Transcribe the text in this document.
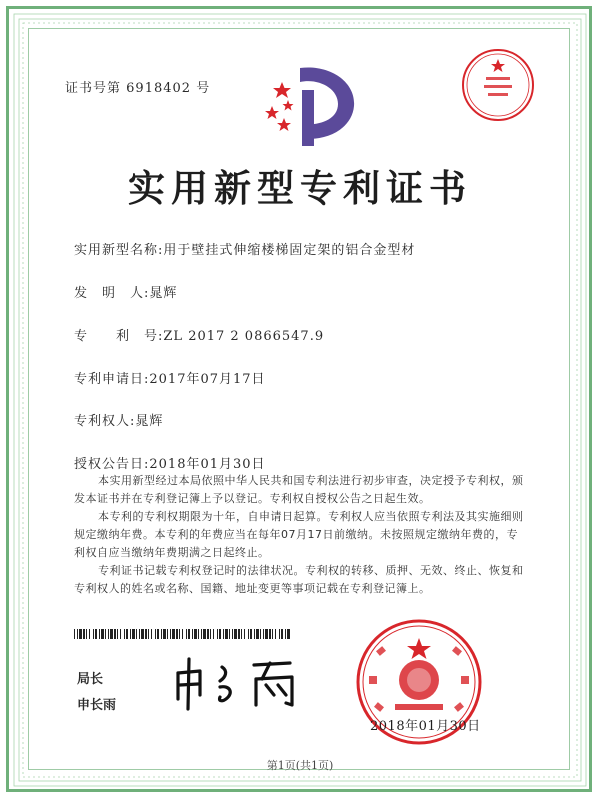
证书号第 6918402 号
实用新型专利证书
实用新型名称:用于壁挂式伸缩楼梯固定架的铝合金型材
发　明　人:晁辉
专　　利　号:ZL 2017 2 0866547.9
专利申请日:2017年07月17日
专利权人:晁辉
授权公告日:2018年01月30日

本实用新型经过本局依照中华人民共和国专利法进行初步审查，决定授予专利权，颁发本证书并在专利登记簿上予以登记。专利权自授权公告之日起生效。

本专利的专利权期限为十年，自申请日起算。专利权人应当依照专利法及其实施细则规定缴纳年费。本专利的年费应当在每年07月17日前缴纳。未按照规定缴纳年费的，专利权自应当缴纳年费期满之日起终止。

专利证书记载专利权登记时的法律状况。专利权的转移、质押、无效、终止、恢复和专利权人的姓名或名称、国籍、地址变更等事项记载在专利登记簿上。

局长
申长雨
2018年01月30日
第1页(共1页)
